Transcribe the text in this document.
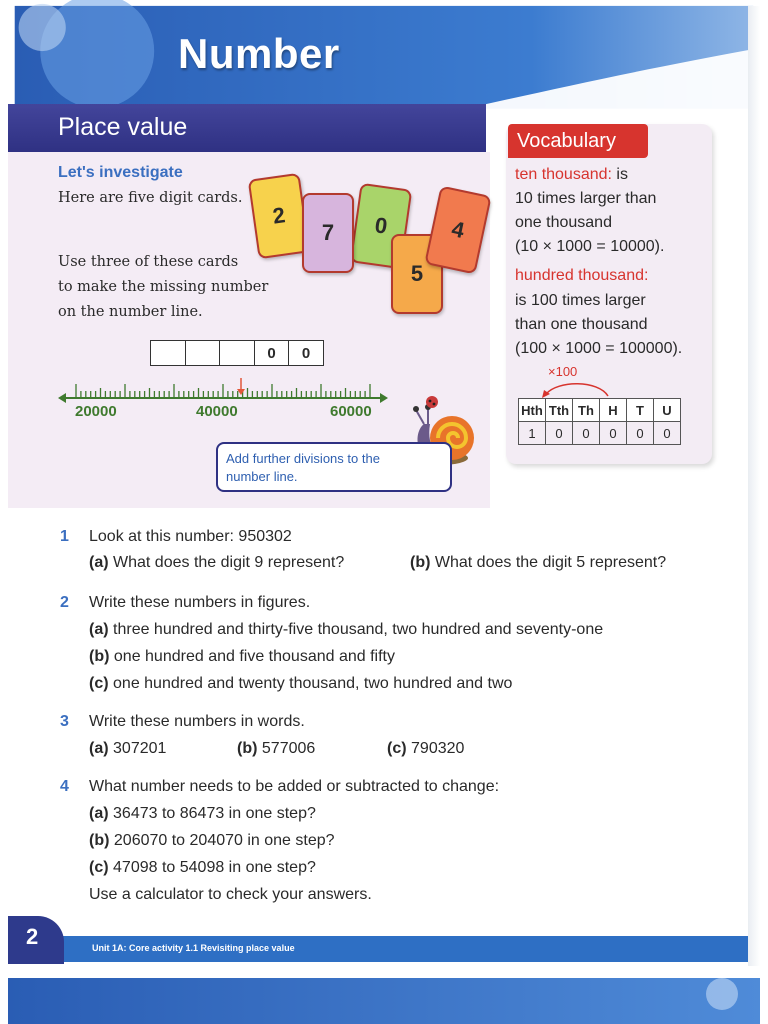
Number
Place value
Let's investigate
Here are five digit cards.
Use three of these cards
to make the missing number
on the number line.
2	0
7
5
4
0	0
20000	40000	60000
Add further divisions to the number line.
Vocabulary
ten thousand: is
10 times larger than
one thousand
(10 × 1000 = 10000).
hundred thousand:
is 100 times larger
than one thousand
(100 × 1000 = 100000).
×100
Hth	Tth	Th	H	T	U
1	0	0	0	0	0
1 Look at this number: 950302
(a) What does the digit 9 represent?	(b) What does the digit 5 represent?
2 Write these numbers in figures.
(a) three hundred and thirty-five thousand, two hundred and seventy-one
(b) one hundred and five thousand and fifty
(c) one hundred and twenty thousand, two hundred and two
3 Write these numbers in words.
(a) 307201	(b) 577006	(c) 790320
4 What number needs to be added or subtracted to change:
(a) 36473 to 86473 in one step?
(b) 206070 to 204070 in one step?
(c) 47098 to 54098 in one step?
Use a calculator to check your answers.
2	Unit 1A: Core activity 1.1 Revisiting place value
